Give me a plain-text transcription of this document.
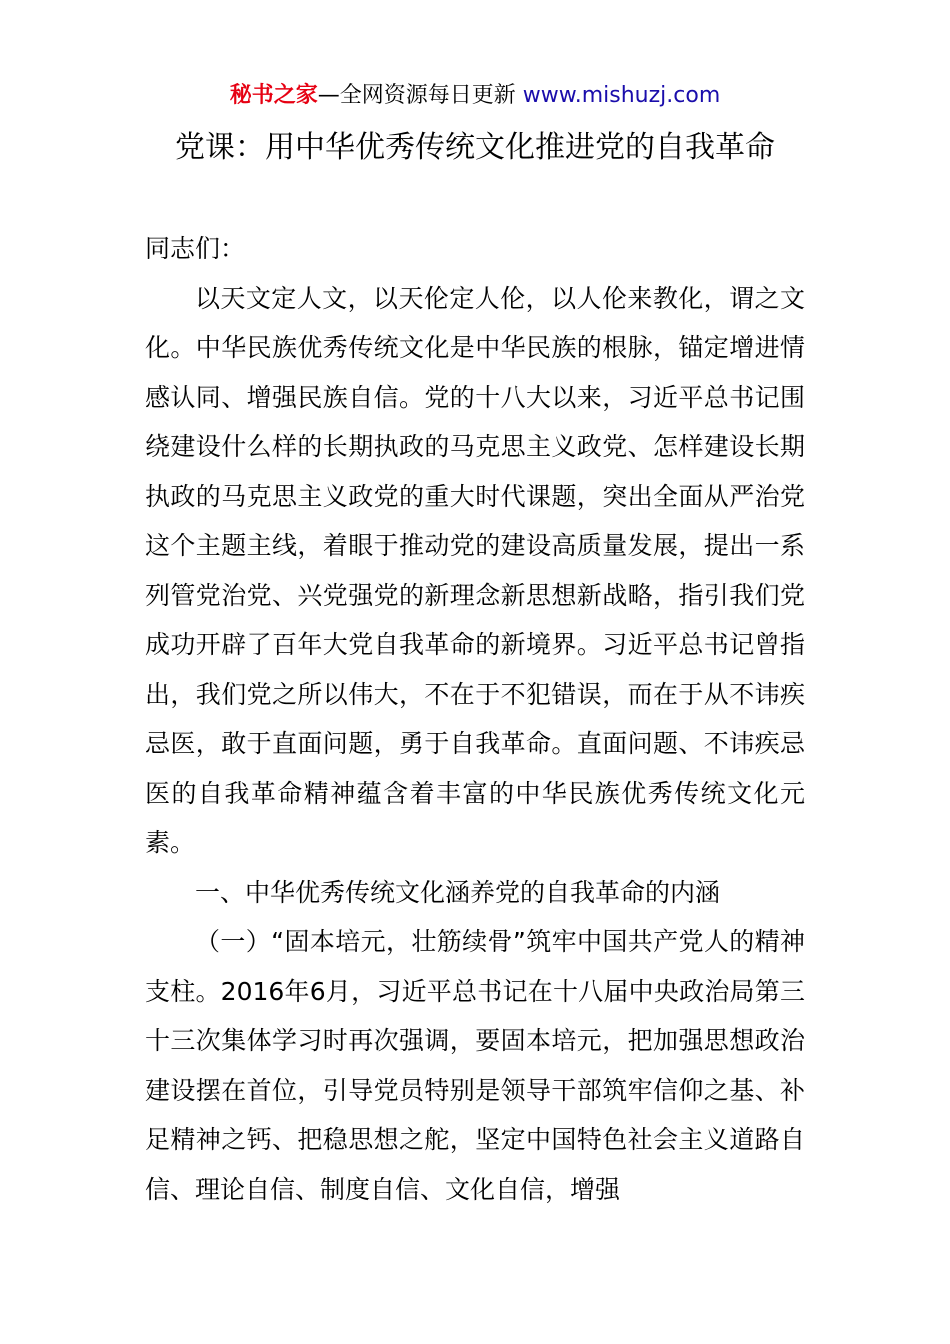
秘书之家—全网资源每日更新 www.mishuzj.com
党课：用中华优秀传统文化推进党的自我革命

同志们：

以天文定人文，以天伦定人伦，以人伦来教化，谓之文化。中华民族优秀传统文化是中华民族的根脉，锚定增进情感认同、增强民族自信。党的十八大以来，习近平总书记围绕建设什么样的长期执政的马克思主义政党、怎样建设长期执政的马克思主义政党的重大时代课题，突出全面从严治党这个主题主线，着眼于推动党的建设高质量发展，提出一系列管党治党、兴党强党的新理念新思想新战略，指引我们党成功开辟了百年大党自我革命的新境界。习近平总书记曾指出，我们党之所以伟大，不在于不犯错误，而在于从不讳疾忌医，敢于直面问题，勇于自我革命。直面问题、不讳疾忌医的自我革命精神蕴含着丰富的中华民族优秀传统文化元素。

一、中华优秀传统文化涵养党的自我革命的内涵

（一）“固本培元，壮筋续骨”筑牢中国共产党人的精神支柱。2016年6月，习近平总书记在十八届中央政治局第三十三次集体学习时再次强调，要固本培元，把加强思想政治建设摆在首位，引导党员特别是领导干部筑牢信仰之基、补足精神之钙、把稳思想之舵，坚定中国特色社会主义道路自信、理论自信、制度自信、文化自信，增强
